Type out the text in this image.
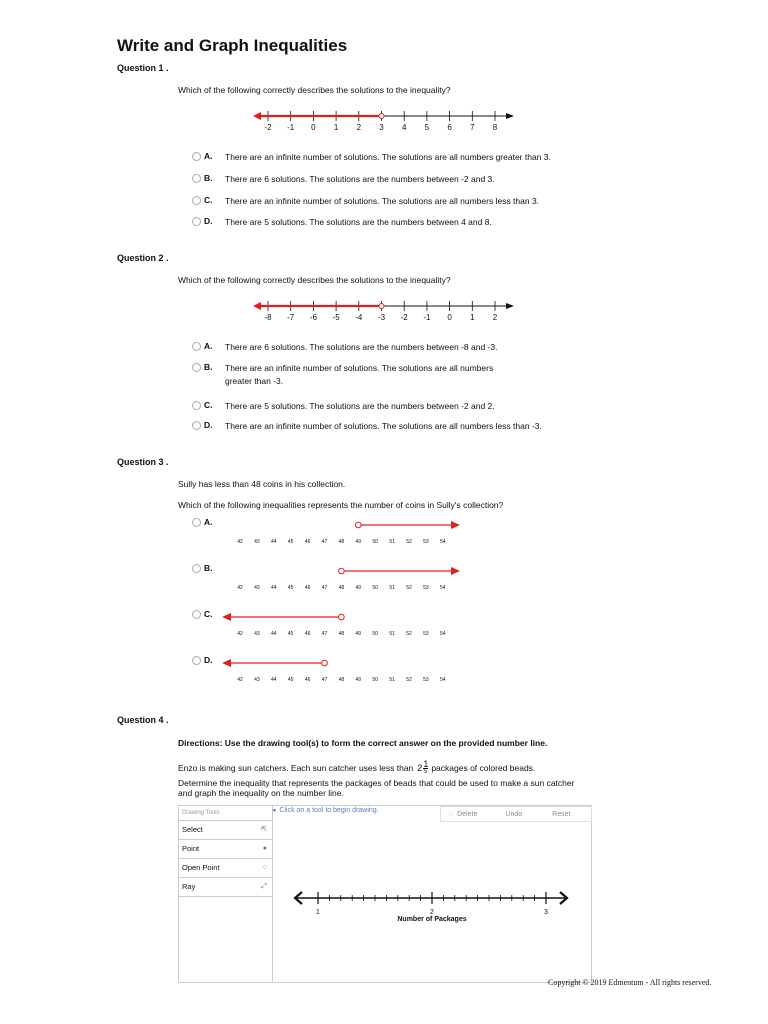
Write and Graph Inequalities
Question 1 .
Which of the following correctly describes the solutions to the inequality?
-2 -1 0 1 2 3 4 5 6 7 8
A.	There are an infinite number of solutions. The solutions are all numbers greater than 3.
B.	There are 6 solutions. The solutions are the numbers between -2 and 3.
C.	There are an infinite number of solutions. The solutions are all numbers less than 3.
D.	There are 5 solutions. The solutions are the numbers between 4 and 8.
Question 2 .
Which of the following correctly describes the solutions to the inequality?
-8 -7 -6 -5 -4 -3 -2 -1 0 1 2
A.	There are 6 solutions. The solutions are the numbers between -8 and -3.
B.	There are an infinite number of solutions. The solutions are all numbers greater than -3.
C.	There are 5 solutions. The solutions are the numbers between -2 and 2.
D.	There are an infinite number of solutions. The solutions are all numbers less than -3.
Question 3 .
Sully has less than 48 coins in his collection.
Which of the following inequalities represents the number of coins in Sully's collection?
A.
42 43 44 45 46 47 48 49 50 51 52 53 54
B.
42 43 44 45 46 47 48 49 50 51 52 53 54
C.
42 43 44 45 46 47 48 49 50 51 52 53 54
D.
42 43 44 45 46 47 48 49 50 51 52 53 54
Question 4 .
Directions: Use the drawing tool(s) to form the correct answer on the provided number line.
Enzo is making sun catchers. Each sun catcher uses less than 2 1
5 packages of colored beads.
Determine the inequality that represents the packages of beads that could be used to make a sun catcher and graph the inequality on the number line.
Drawing Tools
Select	⇱
Point	●
Open Point	○
Ray	⤢
◂ Click on a tool to begin drawing.	◌ Delete	Undo	Reset
1	2	3
Number of Packages
Copyright © 2019 Edmentum - All rights reserved.
